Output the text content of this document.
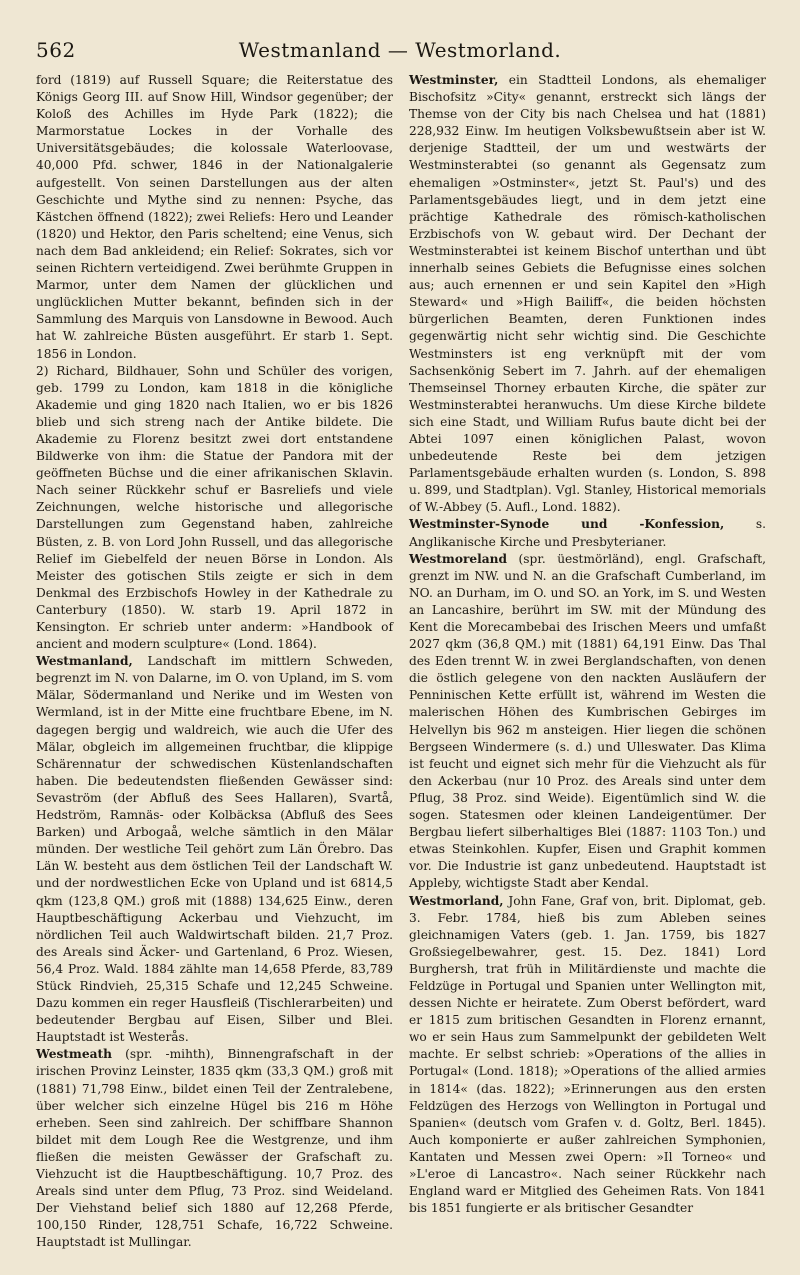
562	Westmanland — Westmorland.

ford (1819) auf Russell Square; die Reiterstatue des Königs Georg III. auf Snow Hill, Windsor gegenüber; der Koloß des Achilles im Hyde Park (1822); die Marmorstatue Lockes in der Vorhalle des Universitätsgebäudes; die kolossale Waterloovase, 40,000 Pfd. schwer, 1846 in der Nationalgalerie aufgestellt. Von seinen Darstellungen aus der alten Geschichte und Mythe sind zu nennen: Psyche, das Kästchen öffnend (1822); zwei Reliefs: Hero und Leander (1820) und Hektor, den Paris scheltend; eine Venus, sich nach dem Bad ankleidend; ein Relief: Sokrates, sich vor seinen Richtern verteidigend. Zwei berühmte Gruppen in Marmor, unter dem Namen der glücklichen und unglücklichen Mutter bekannt, befinden sich in der Sammlung des Marquis von Lansdowne in Bewood. Auch hat W. zahlreiche Büsten ausgeführt. Er starb 1. Sept. 1856 in London.

2) Richard, Bildhauer, Sohn und Schüler des vorigen, geb. 1799 zu London, kam 1818 in die königliche Akademie und ging 1820 nach Italien, wo er bis 1826 blieb und sich streng nach der Antike bildete. Die Akademie zu Florenz besitzt zwei dort entstandene Bildwerke von ihm: die Statue der Pandora mit der geöffneten Büchse und die einer afrikanischen Sklavin. Nach seiner Rückkehr schuf er Basreliefs und viele Zeichnungen, welche historische und allegorische Darstellungen zum Gegenstand haben, zahlreiche Büsten, z. B. von Lord John Russell, und das allegorische Relief im Giebelfeld der neuen Börse in London. Als Meister des gotischen Stils zeigte er sich in dem Denkmal des Erzbischofs Howley in der Kathedrale zu Canterbury (1850). W. starb 19. April 1872 in Kensington. Er schrieb unter anderm: »Handbook of ancient and modern sculpture« (Lond. 1864).

Westmanland, Landschaft im mittlern Schweden, begrenzt im N. von Dalarne, im O. von Upland, im S. vom Mälar, Södermanland und Nerike und im Westen von Wermland, ist in der Mitte eine fruchtbare Ebene, im N. dagegen bergig und waldreich, wie auch die Ufer des Mälar, obgleich im allgemeinen fruchtbar, die klippige Schärennatur der schwedischen Küstenlandschaften haben. Die bedeutendsten fließenden Gewässer sind: Sevaström (der Abfluß des Sees Hallaren), Svartå, Hedström, Ramnäs- oder Kolbäcksa (Abfluß des Sees Barken) und Arbogaå, welche sämtlich in den Mälar münden. Der westliche Teil gehört zum Län Örebro. Das Län W. besteht aus dem östlichen Teil der Landschaft W. und der nordwestlichen Ecke von Upland und ist 6814,5 qkm (123,8 QM.) groß mit (1888) 134,625 Einw., deren Hauptbeschäftigung Ackerbau und Viehzucht, im nördlichen Teil auch Waldwirtschaft bilden. 21,7 Proz. des Areals sind Äcker- und Gartenland, 6 Proz. Wiesen, 56,4 Proz. Wald. 1884 zählte man 14,658 Pferde, 83,789 Stück Rindvieh, 25,315 Schafe und 12,245 Schweine. Dazu kommen ein reger Hausfleiß (Tischlerarbeiten) und bedeutender Bergbau auf Eisen, Silber und Blei. Hauptstadt ist Westerås.

Westmeath (spr. -mihth), Binnengrafschaft in der irischen Provinz Leinster, 1835 qkm (33,3 QM.) groß mit (1881) 71,798 Einw., bildet einen Teil der Zentralebene, über welcher sich einzelne Hügel bis 216 m Höhe erheben. Seen sind zahlreich. Der schiffbare Shannon bildet mit dem Lough Ree die Westgrenze, und ihm fließen die meisten Gewässer der Grafschaft zu. Viehzucht ist die Hauptbeschäftigung. 10,7 Proz. des Areals sind unter dem Pflug, 73 Proz. sind Weideland. Der Viehstand belief sich 1880 auf 12,268 Pferde, 100,150 Rinder, 128,751 Schafe, 16,722 Schweine. Hauptstadt ist Mullingar.

Westminster, ein Stadtteil Londons, als ehemaliger Bischofsitz »City« genannt, erstreckt sich längs der Themse von der City bis nach Chelsea und hat (1881) 228,932 Einw. Im heutigen Volksbewußtsein aber ist W. derjenige Stadtteil, der um und westwärts der Westminsterabtei (so genannt als Gegensatz zum ehemaligen »Ostminster«, jetzt St. Paul's) und des Parlamentsgebäudes liegt, und in dem jetzt eine prächtige Kathedrale des römisch-katholischen Erzbischofs von W. gebaut wird. Der Dechant der Westminsterabtei ist keinem Bischof unterthan und übt innerhalb seines Gebiets die Befugnisse eines solchen aus; auch ernennen er und sein Kapitel den »High Steward« und »High Bailiff«, die beiden höchsten bürgerlichen Beamten, deren Funktionen indes gegenwärtig nicht sehr wichtig sind. Die Geschichte Westminsters ist eng verknüpft mit der vom Sachsenkönig Sebert im 7. Jahrh. auf der ehemaligen Themseinsel Thorney erbauten Kirche, die später zur Westminsterabtei heranwuchs. Um diese Kirche bildete sich eine Stadt, und William Rufus baute dicht bei der Abtei 1097 einen königlichen Palast, wovon unbedeutende Reste bei dem jetzigen Parlamentsgebäude erhalten wurden (s. London, S. 898 u. 899, und Stadtplan). Vgl. Stanley, Historical memorials of W.-Abbey (5. Aufl., Lond. 1882).

Westminster-Synode und -Konfession,	s. Anglikanische Kirche und Presbyterianer.

Westmoreland (spr. üestmörländ), engl. Grafschaft, grenzt im NW. und N. an die Grafschaft Cumberland, im NO. an Durham, im O. und SO. an York, im S. und Westen an Lancashire, berührt im SW. mit der Mündung des Kent die Morecambebai des Irischen Meers und umfaßt 2027 qkm (36,8 QM.) mit (1881) 64,191 Einw. Das Thal des Eden trennt W. in zwei Berglandschaften, von denen die östlich gelegene von den nackten Ausläufern der Penninischen Kette erfüllt ist, während im Westen die malerischen Höhen des Kumbrischen Gebirges im Helvellyn bis 962 m ansteigen. Hier liegen die schönen Bergseen Windermere (s. d.) und Ulleswater. Das Klima ist feucht und eignet sich mehr für die Viehzucht als für den Ackerbau (nur 10 Proz. des Areals sind unter dem Pflug, 38 Proz. sind Weide). Eigentümlich sind W. die sogen. Statesmen oder kleinen Landeigentümer. Der Bergbau liefert silberhaltiges Blei (1887: 1103 Ton.) und etwas Steinkohlen. Kupfer, Eisen und Graphit kommen vor. Die Industrie ist ganz unbedeutend. Hauptstadt ist Appleby, wichtigste Stadt aber Kendal.

Westmorland, John Fane, Graf von, brit. Diplomat, geb. 3. Febr. 1784, hieß bis zum Ableben seines gleichnamigen Vaters (geb. 1. Jan. 1759, bis 1827 Großsiegelbewahrer, gest. 15. Dez. 1841) Lord Burghersh, trat früh in Militärdienste und machte die Feldzüge in Portugal und Spanien unter Wellington mit, dessen Nichte er heiratete. Zum Oberst befördert, ward er 1815 zum britischen Gesandten in Florenz ernannt, wo er sein Haus zum Sammelpunkt der gebildeten Welt machte. Er selbst schrieb: »Operations of the allies in Portugal« (Lond. 1818); »Operations of the allied armies in 1814« (das. 1822); »Erinnerungen aus den ersten Feldzügen des Herzogs von Wellington in Portugal und Spanien« (deutsch vom Grafen v. d. Goltz, Berl. 1845). Auch komponierte er außer zahlreichen Symphonien, Kantaten und Messen zwei Opern: »Il Torneo« und »L'eroe di Lancastro«. Nach seiner Rückkehr nach England ward er Mitglied des Geheimen Rats. Von 1841 bis 1851 fungierte er als britischer Gesandter
